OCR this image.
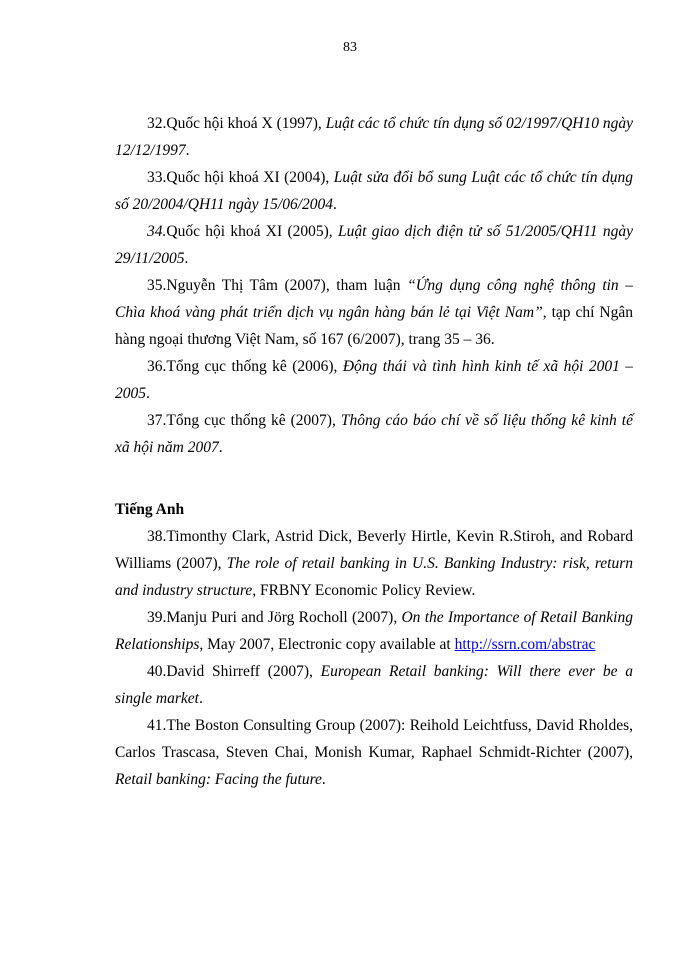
83

32.Quốc hội khoá X (1997), Luật các tổ chức tín dụng số 02/1997/QH10 ngày 12/12/1997.

33.Quốc hội khoá XI (2004), Luật sửa đổi bổ sung Luật các tổ chức tín dụng số 20/2004/QH11 ngày 15/06/2004.

34.Quốc hội khoá XI (2005), Luật giao dịch điện tử số 51/2005/QH11 ngày 29/11/2005.

35.Nguyễn Thị Tâm (2007), tham luận “Ứng dụng công nghệ thông tin – Chìa khoá vàng phát triển dịch vụ ngân hàng bán lẻ tại Việt Nam”, tạp chí Ngân hàng ngoại thương Việt Nam, số 167 (6/2007), trang 35 – 36.

36.Tổng cục thống kê (2006), Động thái và tình hình kinh tế xã hội 2001 – 2005.

37.Tổng cục thống kê (2007), Thông cáo báo chí về số liệu thống kê kinh tế xã hội năm 2007.

Tiếng Anh

38.Timonthy Clark, Astrid Dick, Beverly Hirtle, Kevin R.Stiroh, and Robard Williams (2007), The role of retail banking in U.S. Banking Industry: risk, return and industry structure, FRBNY Economic Policy Review.

39.Manju Puri and Jörg Rocholl (2007), On the Importance of Retail Banking Relationships, May 2007, Electronic copy available at http://ssrn.com/abstrac

40.David Shirreff (2007), European Retail banking: Will there ever be a single market.

41.The Boston Consulting Group (2007): Reihold Leichtfuss, David Rholdes, Carlos Trascasa, Steven Chai, Monish Kumar, Raphael Schmidt-Richter (2007), Retail banking: Facing the future.
